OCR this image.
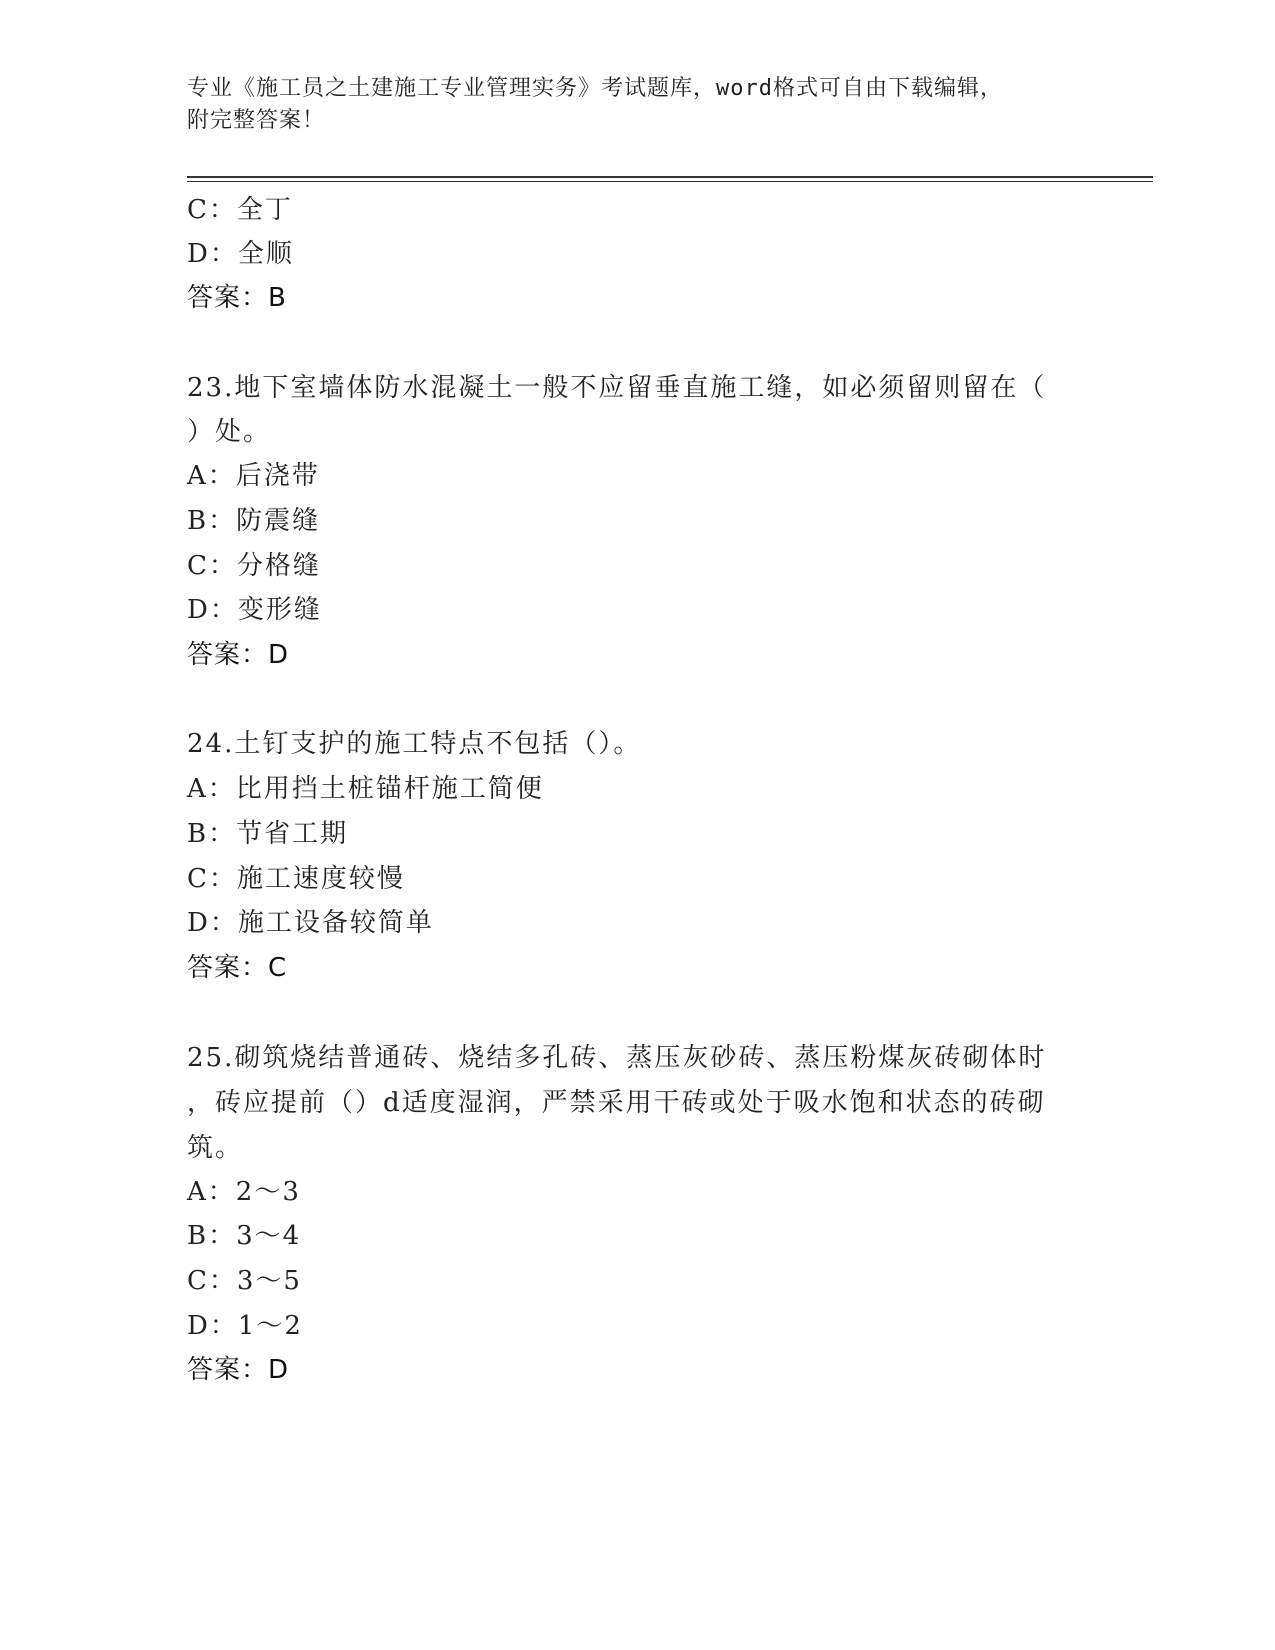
专业《施工员之土建施工专业管理实务》考试题库，word格式可自由下载编辑，
附完整答案！
C：全丁
D：全顺
答案：B
23.地下室墙体防水混凝土一般不应留垂直施工缝，如必须留则留在（
）处。
A：后浇带
B：防震缝
C：分格缝
D：变形缝
答案：D
24.土钉支护的施工特点不包括（）。
A：比用挡土桩锚杆施工简便
B：节省工期
C：施工速度较慢
D：施工设备较简单
答案：C
25.砌筑烧结普通砖、烧结多孔砖、蒸压灰砂砖、蒸压粉煤灰砖砌体时
，砖应提前（）d适度湿润，严禁采用干砖或处于吸水饱和状态的砖砌
筑。
A：2～3
B：3～4
C：3～5
D：1～2
答案：D
